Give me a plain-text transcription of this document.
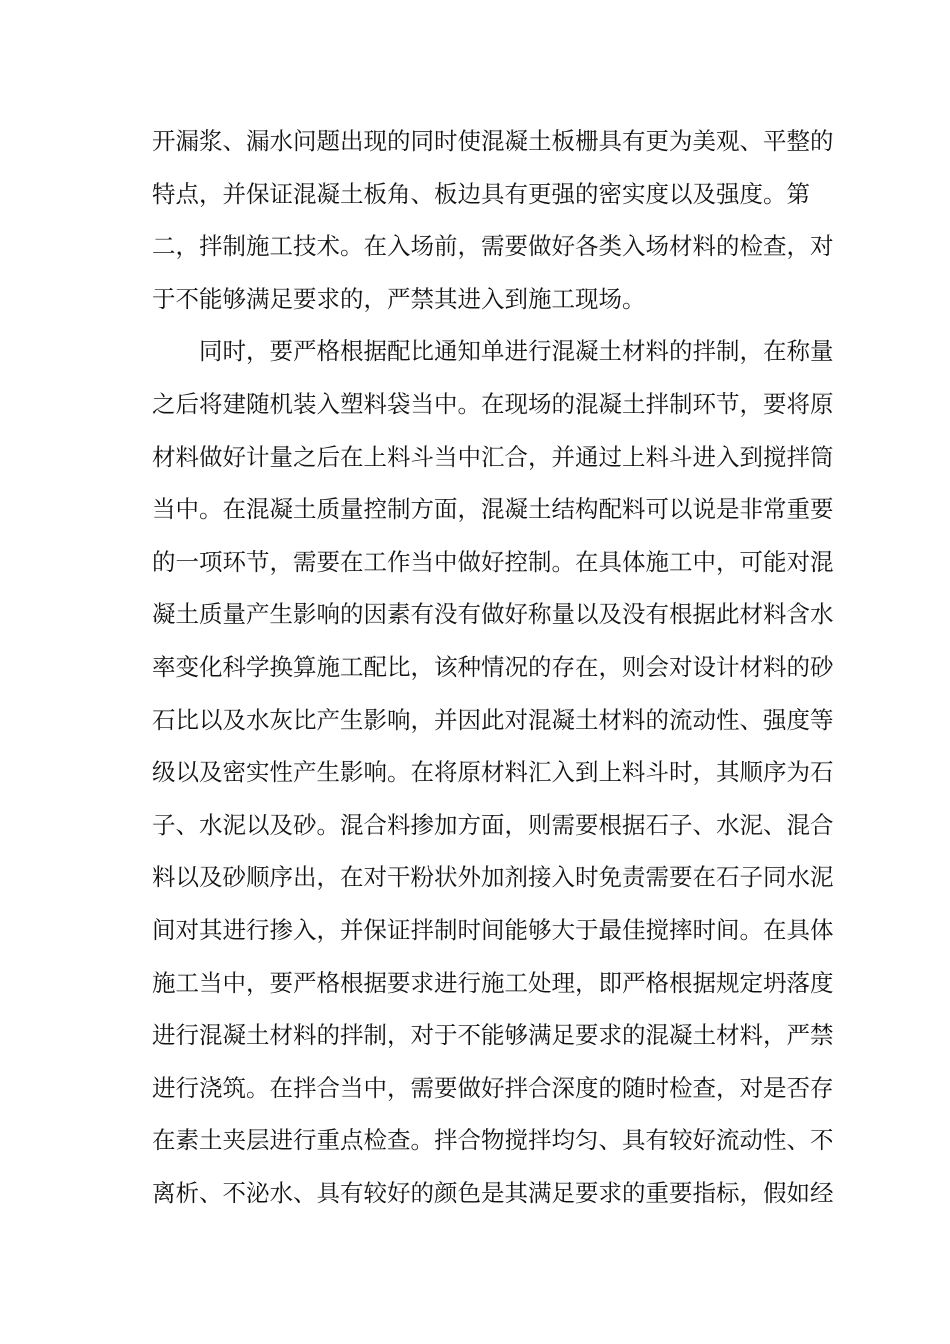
开漏浆、漏水问题出现的同时使混凝土板栅具有更为美观、平整的
特点，并保证混凝土板角、板边具有更强的密实度以及强度。第
二，拌制施工技术。在入场前，需要做好各类入场材料的检查，对
于不能够满足要求的，严禁其进入到施工现场。
同时，要严格根据配比通知单进行混凝土材料的拌制，在称量
之后将建随机装入塑料袋当中。在现场的混凝土拌制环节，要将原
材料做好计量之后在上料斗当中汇合，并通过上料斗进入到搅拌筒
当中。在混凝土质量控制方面，混凝土结构配料可以说是非常重要
的一项环节，需要在工作当中做好控制。在具体施工中，可能对混
凝土质量产生影响的因素有没有做好称量以及没有根据此材料含水
率变化科学换算施工配比，该种情况的存在，则会对设计材料的砂
石比以及水灰比产生影响，并因此对混凝土材料的流动性、强度等
级以及密实性产生影响。在将原材料汇入到上料斗时，其顺序为石
子、水泥以及砂。混合料掺加方面，则需要根据石子、水泥、混合
料以及砂顺序出，在对干粉状外加剂接入时免责需要在石子同水泥
间对其进行掺入，并保证拌制时间能够大于最佳搅摔时间。在具体
施工当中，要严格根据要求进行施工处理，即严格根据规定坍落度
进行混凝土材料的拌制，对于不能够满足要求的混凝土材料，严禁
进行浇筑。在拌合当中，需要做好拌合深度的随时检查，对是否存
在素土夹层进行重点检查。拌合物搅拌均匀、具有较好流动性、不
离析、不泌水、具有较好的颜色是其满足要求的重要指标，假如经
